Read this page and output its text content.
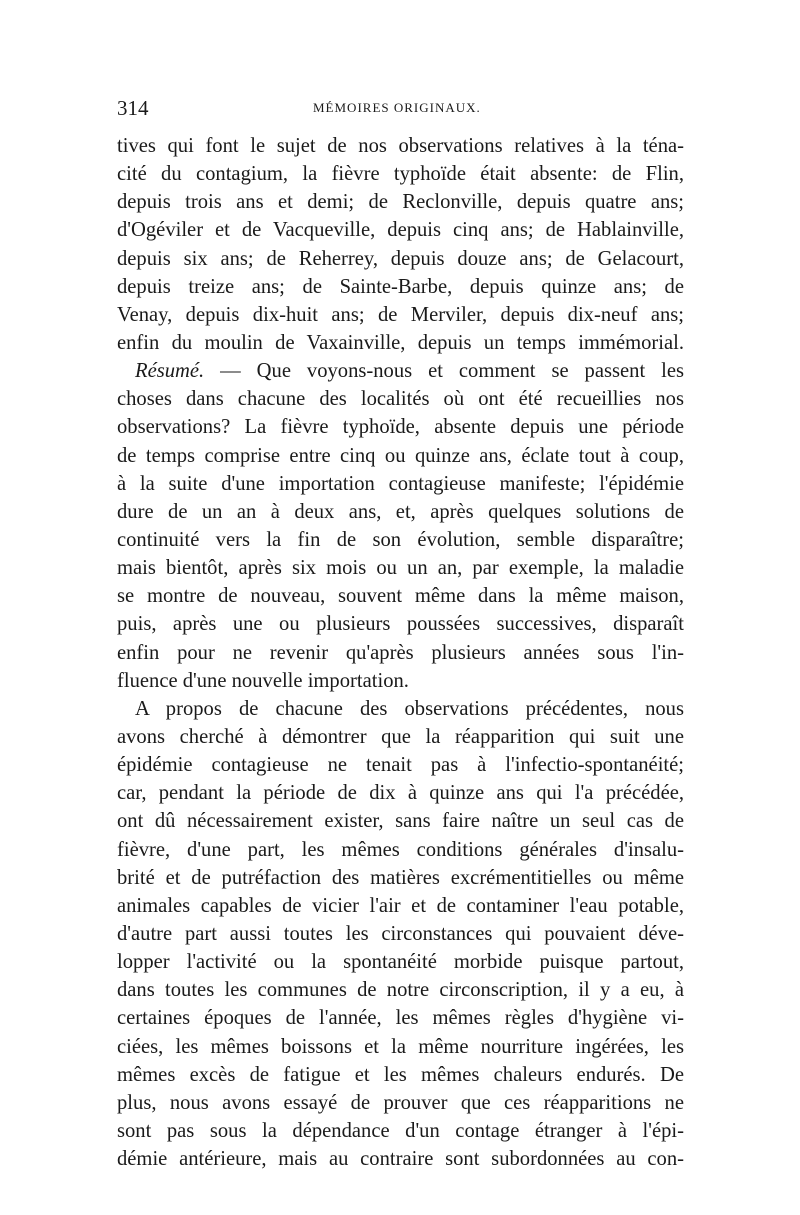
314	MÉMOIRES ORIGINAUX.
tives qui font le sujet de nos observations relatives à la téna-
cité du contagium, la fièvre typhoïde était absente: de Flin,
depuis trois ans et demi; de Reclonville, depuis quatre ans;
d'Ogéviler et de Vacqueville, depuis cinq ans; de Hablainville,
depuis six ans; de Reherrey, depuis douze ans; de Gelacourt,
depuis treize ans; de Sainte-Barbe, depuis quinze ans; de
Venay, depuis dix-huit ans; de Merviler, depuis dix-neuf ans;
enfin du moulin de Vaxainville, depuis un temps immémorial.
Résumé. — Que voyons-nous et comment se passent les
choses dans chacune des localités où ont été recueillies nos
observations? La fièvre typhoïde, absente depuis une période
de temps comprise entre cinq ou quinze ans, éclate tout à coup,
à la suite d'une importation contagieuse manifeste; l'épidémie
dure de un an à deux ans, et, après quelques solutions de
continuité vers la fin de son évolution, semble disparaître;
mais bientôt, après six mois ou un an, par exemple, la maladie
se montre de nouveau, souvent même dans la même maison,
puis, après une ou plusieurs poussées successives, disparaît
enfin pour ne revenir qu'après plusieurs années sous l'in-
fluence d'une nouvelle importation.
A propos de chacune des observations précédentes, nous
avons cherché à démontrer que la réapparition qui suit une
épidémie contagieuse ne tenait pas à l'infectio-spontanéité;
car, pendant la période de dix à quinze ans qui l'a précédée,
ont dû nécessairement exister, sans faire naître un seul cas de
fièvre, d'une part, les mêmes conditions générales d'insalu-
brité et de putréfaction des matières excrémentitielles ou même
animales capables de vicier l'air et de contaminer l'eau potable,
d'autre part aussi toutes les circonstances qui pouvaient déve-
lopper l'activité ou la spontanéité morbide puisque partout,
dans toutes les communes de notre circonscription, il y a eu, à
certaines époques de l'année, les mêmes règles d'hygiène vi-
ciées, les mêmes boissons et la même nourriture ingérées, les
mêmes excès de fatigue et les mêmes chaleurs endurés. De
plus, nous avons essayé de prouver que ces réapparitions ne
sont pas sous la dépendance d'un contage étranger à l'épi-
démie antérieure, mais au contraire sont subordonnées au con-
